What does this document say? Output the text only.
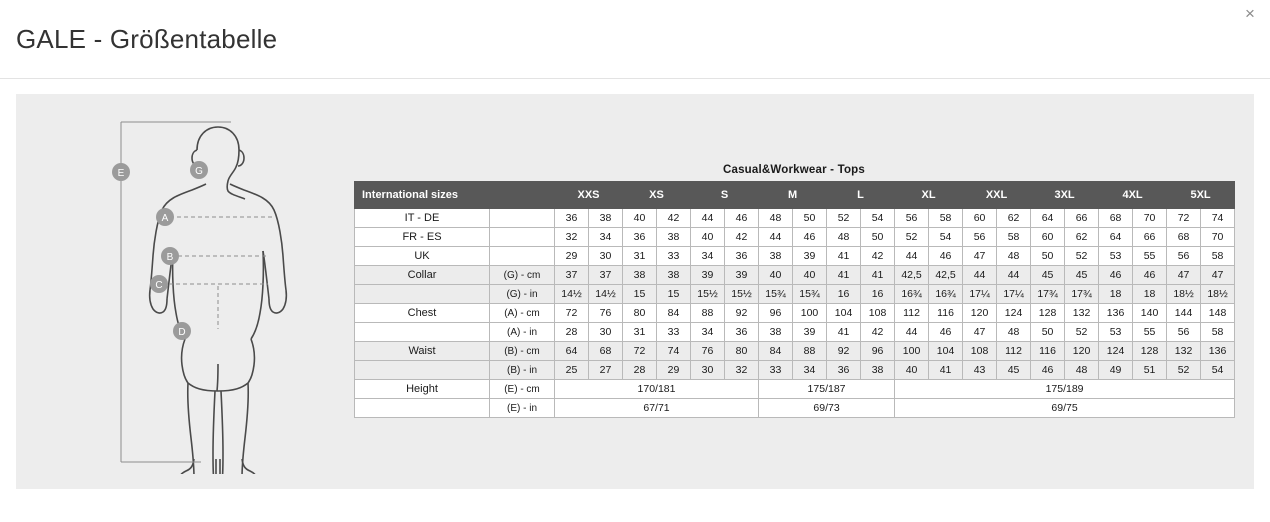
×
GALE - Größentabelle
E	G
A
B
C
D
Casual&Workwear - Tops
International sizes		XXS		XS		S		M		L		XL		XXL		3XL		4XL		5XL	
IT - DE		36	38	40	42	44	46	48	50	52	54	56	58	60	62	64	66	68	70	72	74
FR - ES		32	34	36	38	40	42	44	46	48	50	52	54	56	58	60	62	64	66	68	70
UK		29	30	31	33	34	36	38	39	41	42	44	46	47	48	50	52	53	55	56	58
Collar	(G) - cm	37	37	38	38	39	39	40	40	41	41	42,5	42,5	44	44	45	45	46	46	47	47
	(G) - in	14½	14½	15	15	15½	15½	15¾	15¾	16	16	16¾	16¾	17¼	17¼	17¾	17¾	18	18	18½	18½
Chest	(A) - cm	72	76	80	84	88	92	96	100	104	108	112	116	120	124	128	132	136	140	144	148
	(A) - in	28	30	31	33	34	36	38	39	41	42	44	46	47	48	50	52	53	55	56	58
Waist	(B) - cm	64	68	72	74	76	80	84	88	92	96	100	104	108	112	116	120	124	128	132	136
	(B) - in	25	27	28	29	30	32	33	34	36	38	40	41	43	45	46	48	49	51	52	54
Height	(E) - cm	170/181						175/187				175/189									
	(E) - in	67/71						69/73				69/75									
